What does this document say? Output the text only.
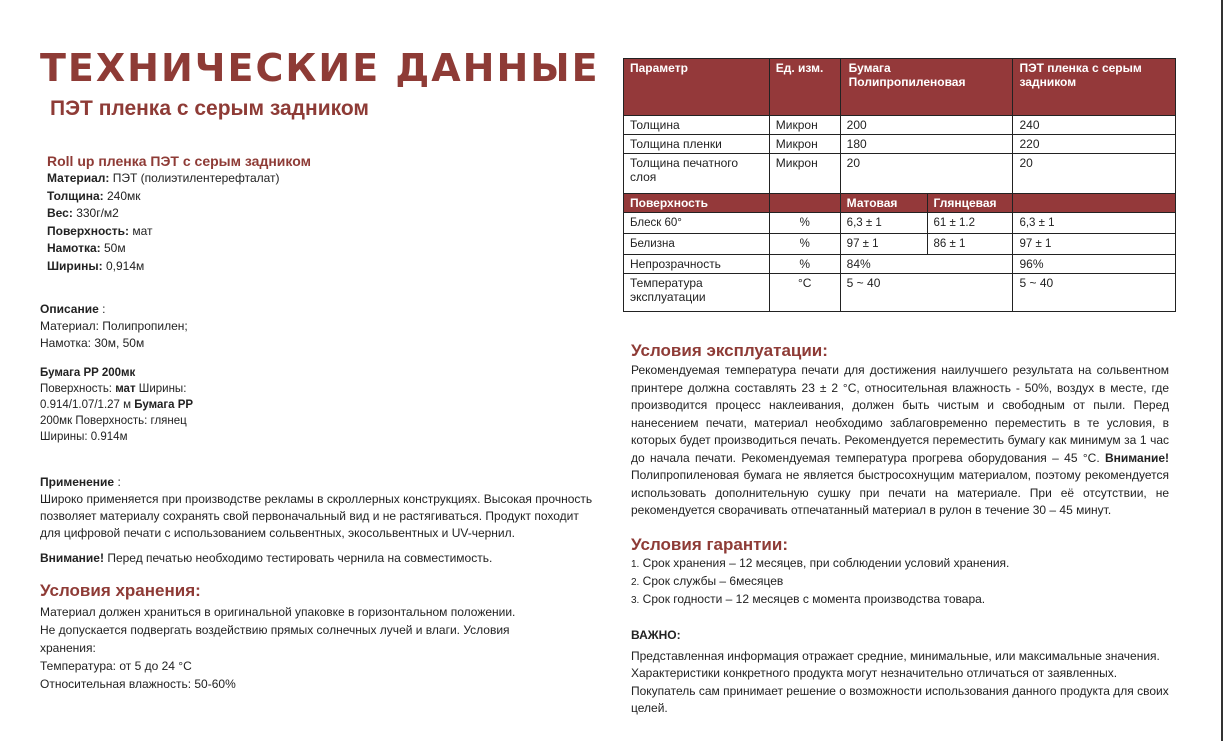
ТЕХНИЧЕСКИЕ ДАННЫЕ
ПЭТ пленка с серым задником
Roll up пленка ПЭТ с серым задником
Материал: ПЭТ (полиэтилентерефталат)
Толщина: 240мк
Вес: 330г/м2
Поверхность: мат
Намотка: 50м
Ширины: 0,914м
Описание :
Материал: Полипропилен;
Намотка: 30м, 50м
Бумага PP 200мк
Поверхность: мат Ширины:
0.914/1.07/1.27 м Бумага PP
200мк Поверхность: глянец
Ширины: 0.914м
Применение :
Широко применяется при производстве рекламы в скроллерных конструкциях. Высокая прочность позволяет материалу сохранять свой первоначальный вид и не растягиваться. Продукт походит для цифровой печати с использованием сольвентных, экосольвентных и UV-чернил.
Внимание! Перед печатью необходимо тестировать чернила на совместимость.
Условия хранения:
Материал должен храниться в оригинальной упаковке в горизонтальном положении. Не допускается подвергать воздействию прямых солнечных лучей и влаги. Условия хранения:
Температура: от 5 до 24 °С
Относительная влажность: 50-60%
Параметр	Ед. изм.	Бумага Полипропиленовая		ПЭТ пленка с серым задником
Толщина	Микрон	200		240
Толщина пленки	Микрон	180		220
Толщина печатного слоя	Микрон	20		20
Поверхность		Матовая	Глянцевая	
Блеск 60°	%	6,3 ± 1	61 ± 1.2	6,3 ± 1
Белизна	%	97 ± 1	86 ± 1	97 ± 1
Непрозрачность	%	84%		96%
Температура эксплуатации	°С	5 ~ 40		5 ~ 40
Условия эксплуатации:
Рекомендуемая температура печати для достижения наилучшего результата на сольвентном принтере должна составлять 23 ± 2 °С, относительная влажность - 50%, воздух в месте, где производится процесс наклеивания, должен быть чистым и свободным от пыли. Перед нанесением печати, материал необходимо заблаговременно переместить в те условия, в которых будет производиться печать. Рекомендуется переместить бумагу как минимум за 1 час до начала печати. Рекомендуемая температура прогрева оборудования – 45 °С. Внимание! Полипропиленовая бумага не является быстросохнущим материалом, поэтому рекомендуется использовать дополнительную сушку при печати на материале. При её отсутствии, не рекомендуется сворачивать отпечатанный материал в рулон в течение 30 – 45 минут.
Условия гарантии:
1. Срок хранения – 12 месяцев, при соблюдении условий хранения.
2. Срок службы – 6месяцев
3. Срок годности – 12 месяцев с момента производства товара.
ВАЖНО:
Представленная информация отражает средние, минимальные, или максимальные значения. Характеристики конкретного продукта могут незначительно отличаться от заявленных. Покупатель сам принимает решение о возможности использования данного продукта для своих целей.
